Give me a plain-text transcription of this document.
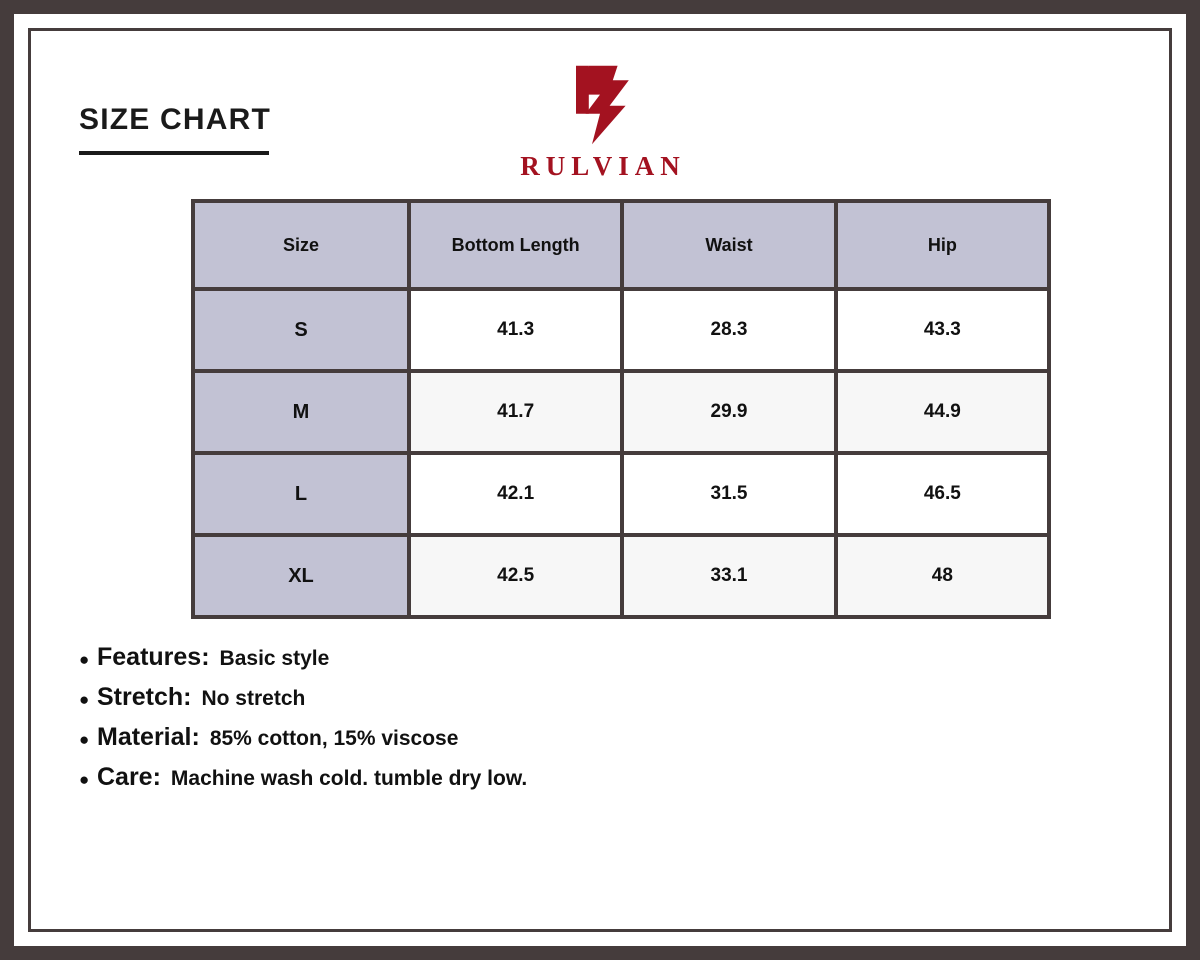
SIZE CHART
RULVIAN
Size	Bottom Length	Waist	Hip
S	41.3	28.3	43.3
M	41.7	29.9	44.9
L	42.1	31.5	46.5
XL	42.5	33.1	48
● Features: Basic style
● Stretch: No stretch
● Material: 85% cotton, 15% viscose
● Care: Machine wash cold. tumble dry low.
